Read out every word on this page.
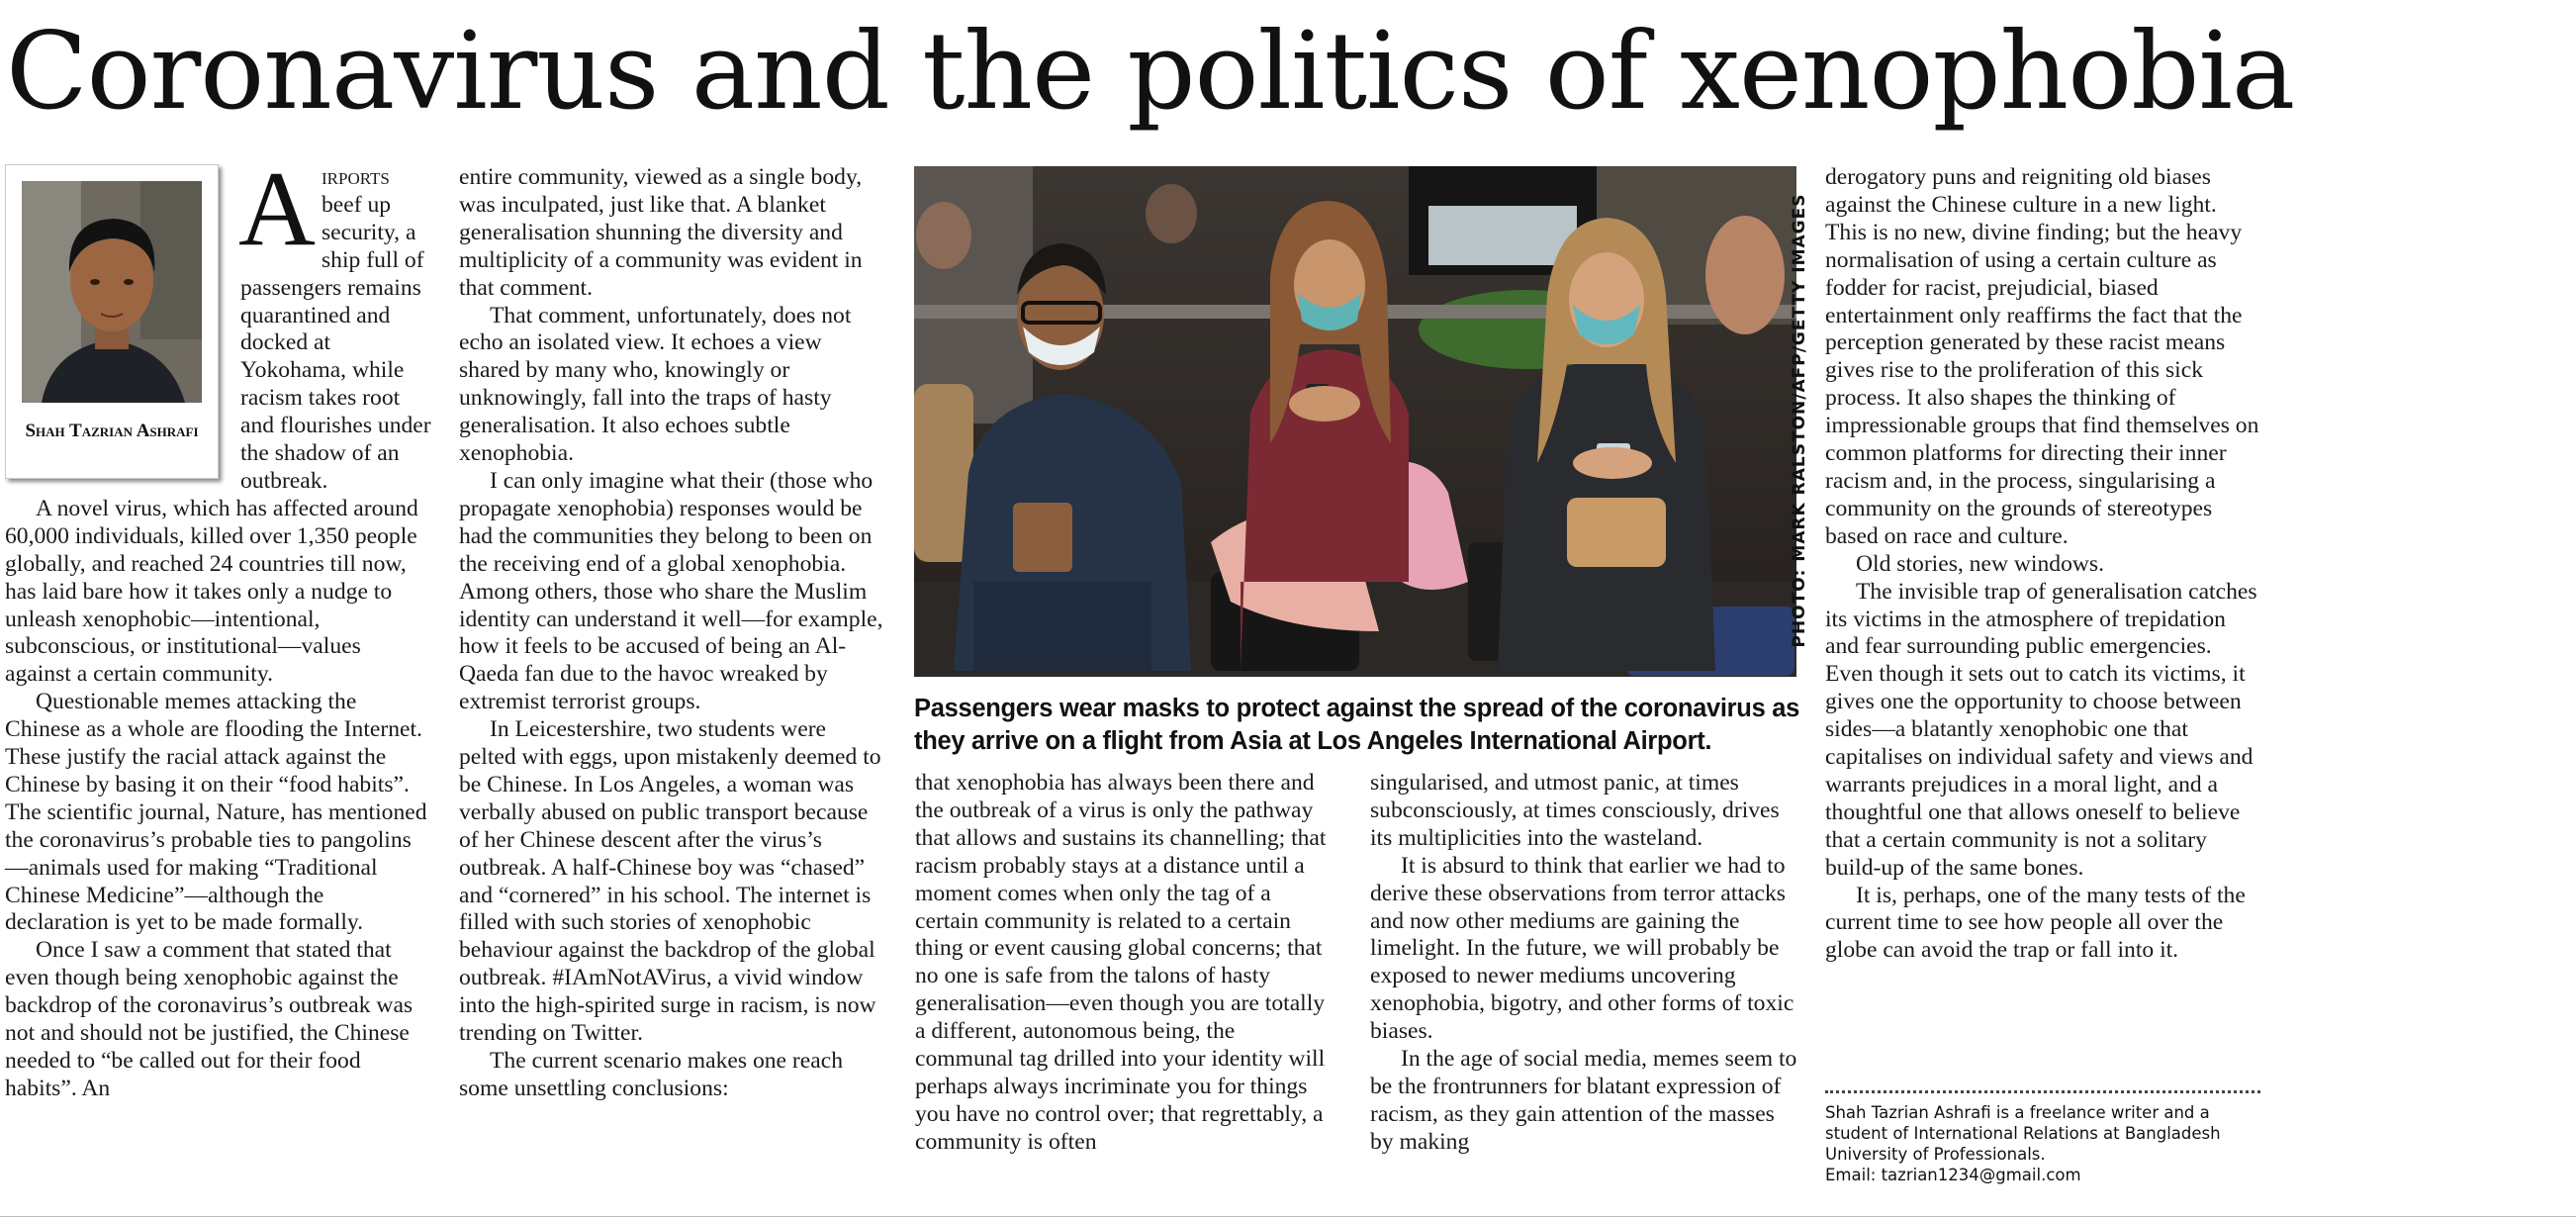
Coronavirus and the politics of xenophobia
Shah Tazrian Ashrafi

Airports beef up security, a ship full of passengers remains quarantined and docked at Yokohama, while racism takes root and flourishes under the shadow of an outbreak.

A novel virus, which has affected around 60,000 individuals, killed over 1,350 people globally, and reached 24 countries till now, has laid bare how it takes only a nudge to unleash xenophobic—intentional, subconscious, or institutional—values against a certain community.

Questionable memes attacking the Chinese as a whole are flooding the Internet. These justify the racial attack against the Chinese by basing it on their “food habits”. The scientific journal, Nature, has mentioned the coronavirus’s probable ties to pangolins—animals used for making “Traditional Chinese Medicine”—although the declaration is yet to be made formally.

Once I saw a comment that stated that even though being xenophobic against the backdrop of the coronavirus’s outbreak was not and should not be justified, the Chinese needed to “be called out for their food habits”. An

entire community, viewed as a single body, was inculpated, just like that. A blanket generalisation shunning the diversity and multiplicity of a community was evident in that comment.

That comment, unfortunately, does not echo an isolated view. It echoes a view shared by many who, knowingly or unknowingly, fall into the traps of hasty generalisation. It also echoes subtle xenophobia.

I can only imagine what their (those who propagate xenophobia) responses would be had the communities they belong to been on the receiving end of a global xenophobia. Among others, those who share the Muslim identity can understand it well—for example, how it feels to be accused of being an Al-Qaeda fan due to the havoc wreaked by extremist terrorist groups.

In Leicestershire, two students were pelted with eggs, upon mistakenly deemed to be Chinese. In Los Angeles, a woman was verbally abused on public transport because of her Chinese descent after the virus’s outbreak. A half-Chinese boy was “chased” and “cornered” in his school. The internet is filled with such stories of xenophobic behaviour against the backdrop of the global outbreak. #IAmNotAVirus, a vivid window into the high-spirited surge in racism, is now trending on Twitter.

The current scenario makes one reach some unsettling conclusions:

PHOTO: MARK RALSTON/AFP/GETTY IMAGES

Passengers wear masks to protect against the spread of the coronavirus as they arrive on a flight from Asia at Los Angeles International Airport.

that xenophobia has always been there and the outbreak of a virus is only the pathway that allows and sustains its channelling; that racism probably stays at a distance until a moment comes when only the tag of a certain community is related to a certain thing or event causing global concerns; that no one is safe from the talons of hasty generalisation—even though you are totally a different, autonomous being, the communal tag drilled into your identity will perhaps always incriminate you for things you have no control over; that regrettably, a community is often

singularised, and utmost panic, at times subconsciously, at times consciously, drives its multiplicities into the wasteland.

It is absurd to think that earlier we had to derive these observations from terror attacks and now other mediums are gaining the limelight. In the future, we will probably be exposed to newer mediums uncovering xenophobia, bigotry, and other forms of toxic biases.

In the age of social media, memes seem to be the frontrunners for blatant expression of racism, as they gain attention of the masses by making

derogatory puns and reigniting old biases against the Chinese culture in a new light. This is no new, divine finding; but the heavy normalisation of using a certain culture as fodder for racist, prejudicial, biased entertainment only reaffirms the fact that the perception generated by these racist means gives rise to the proliferation of this sick process. It also shapes the thinking of impressionable groups that find themselves on common platforms for directing their inner racism and, in the process, singularising a community on the grounds of stereotypes based on race and culture.

Old stories, new windows.

The invisible trap of generalisation catches its victims in the atmosphere of trepidation and fear surrounding public emergencies. Even though it sets out to catch its victims, it gives one the opportunity to choose between sides—a blatantly xenophobic one that capitalises on individual safety and views and warrants prejudices in a moral light, and a thoughtful one that allows oneself to believe that a certain community is not a solitary build-up of the same bones.

It is, perhaps, one of the many tests of the current time to see how people all over the globe can avoid the trap or fall into it.

Shah Tazrian Ashrafi is a freelance writer and a student of International Relations at Bangladesh University of Professionals.

Email: tazrian1234@gmail.com
